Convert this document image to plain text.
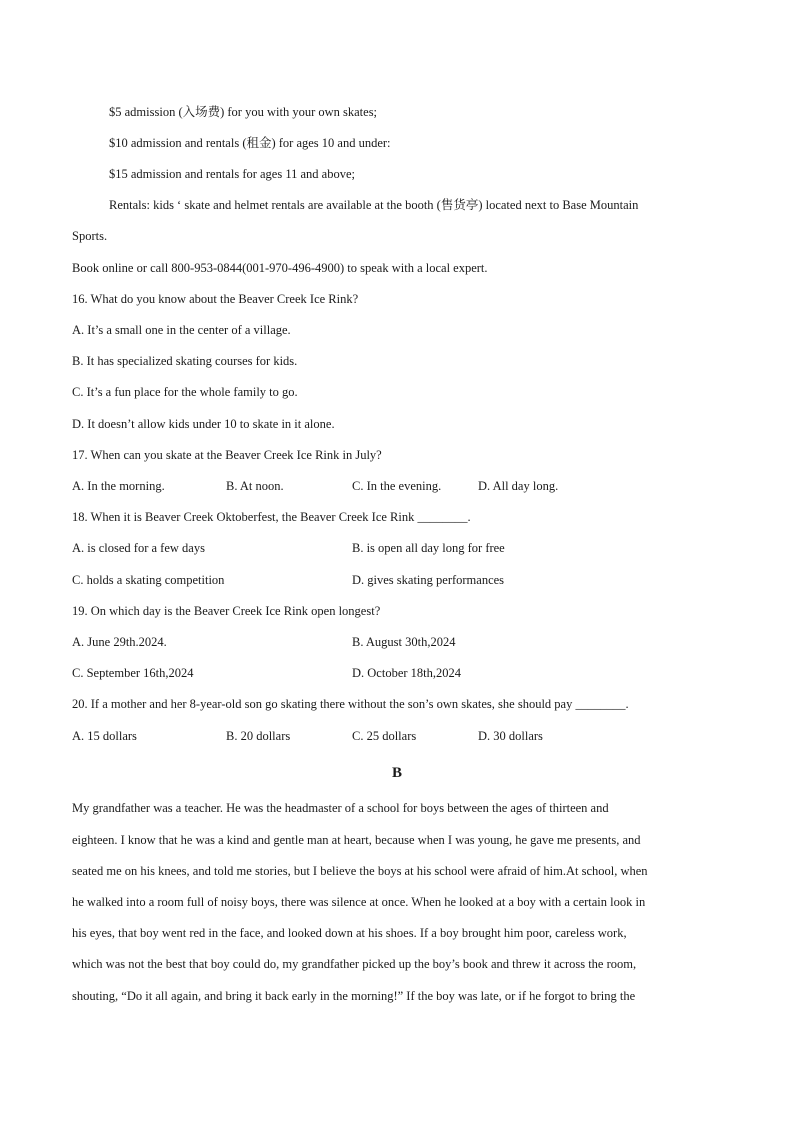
$5 admission (入场费) for you with your own skates;
$10 admission and rentals (租金) for ages 10 and under:
$15 admission and rentals for ages 11 and above;
Rentals: kids ‘ skate and helmet rentals are available at the booth (售货亭) located next to Base Mountain
Sports.
Book online or call 800-953-0844(001-970-496-4900) to speak with a local expert.
16. What do you know about the Beaver Creek Ice Rink?
A. It’s a small one in the center of a village.
B. It has specialized skating courses for kids.
C. It’s a fun place for the whole family to go.
D. It doesn’t allow kids under 10 to skate in it alone.
17. When can you skate at the Beaver Creek Ice Rink in July?
A. In the morning.	B. At noon.	C. In the evening.	D. All day long.
18. When it is Beaver Creek Oktoberfest, the Beaver Creek Ice Rink ________.
A. is closed for a few days	B. is open all day long for free
C. holds a skating competition	D. gives skating performances
19. On which day is the Beaver Creek Ice Rink open longest?
A. June 29th.2024.	B. August 30th,2024
C. September 16th,2024	D. October 18th,2024
20. If a mother and her 8-year-old son go skating there without the son’s own skates, she should pay ________.
A. 15 dollars	B. 20 dollars	C. 25 dollars	D. 30 dollars
B
My grandfather was a teacher. He was the headmaster of a school for boys between the ages of thirteen and
eighteen. I know that he was a kind and gentle man at heart, because when I was young, he gave me presents, and
seated me on his knees, and told me stories, but I believe the boys at his school were afraid of him.At school, when
he walked into a room full of noisy boys, there was silence at once. When he looked at a boy with a certain look in
his eyes, that boy went red in the face, and looked down at his shoes. If a boy brought him poor, careless work,
which was not the best that boy could do, my grandfather picked up the boy’s book and threw it across the room,
shouting, “Do it all again, and bring it back early in the morning!” If the boy was late, or if he forgot to bring the
